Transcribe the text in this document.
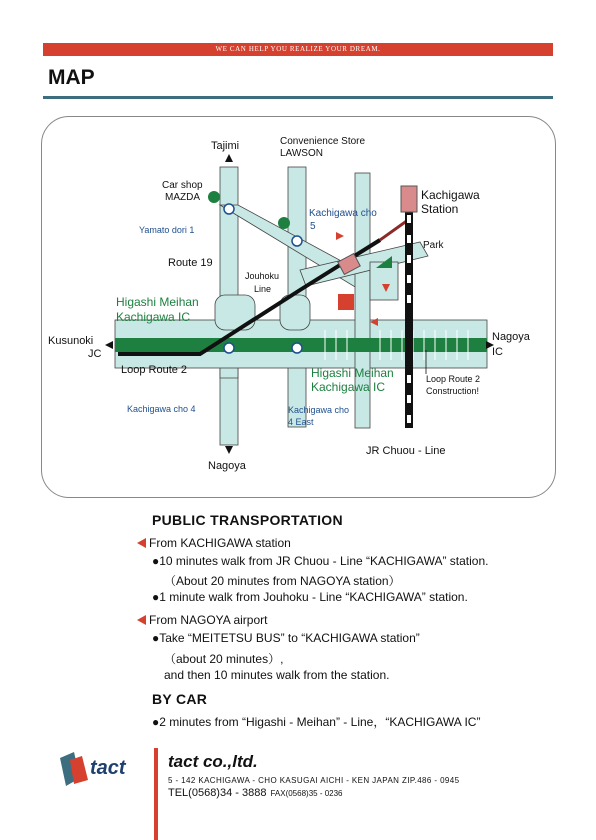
WE CAN HELP YOU REALIZE YOUR DREAM.
MAP
Tajimi	Convenience Store
LAWSON
Car shop
MAZDA	Kachigawa
Station
Yamato dori 1
Kachigawa cho
5
Park
Route 19
Jouhoku
Line
Higashi Meihan
Kachigawa IC
Kusunoki
JC
Nagoya
IC
Loop Route 2	Higashi Meihan
Kachigawa IC
Loop Route 2
Construction!
Kachigawa cho 4	Kachigawa cho
4 East
JR Chuou - Line
Nagoya
PUBLIC TRANSPORTATION
From KACHIGAWA station
●10 minutes walk from JR Chuou - Line “KACHIGAWA” station.
（About 20 minutes from NAGOYA station）
●1 minute walk from Jouhoku - Line “KACHIGAWA” station.
From NAGOYA airport
●Take “MEITETSU BUS” to “KACHIGAWA station”
（about 20 minutes）,
and then 10 minutes walk from the station.
BY CAR
●2 minutes from “Higashi - Meihan” - Line，“KACHIGAWA IC”
tact tact co.,ltd.
5 - 142 KACHIGAWA - CHO KASUGAI AICHI - KEN JAPAN ZIP.486 - 0945
TEL(0568)34 - 3888 FAX(0568)35 - 0236
